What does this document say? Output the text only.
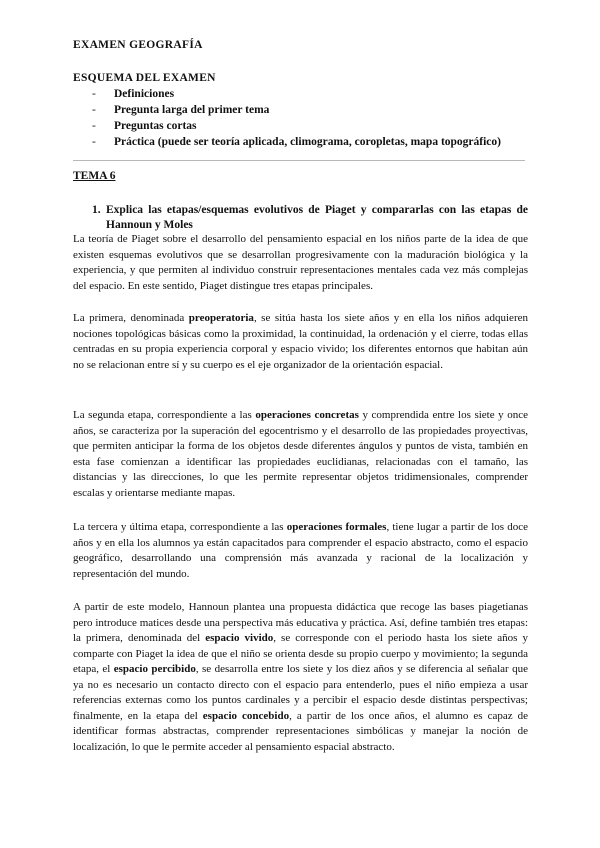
EXAMEN GEOGRAFÍA
ESQUEMA DEL EXAMEN
- Definiciones
- Pregunta larga del primer tema
- Preguntas cortas
- Práctica (puede ser teoría aplicada, climograma, coropletas, mapa topográfico)
TEMA 6

1. Explica las etapas/esquemas evolutivos de Piaget y compararlas con las etapas de Hannoun y Moles

La teoría de Piaget sobre el desarrollo del pensamiento espacial en los niños parte de la idea de que existen esquemas evolutivos que se desarrollan progresivamente con la maduración biológica y la experiencia, y que permiten al individuo construir representaciones mentales cada vez más complejas del espacio. En este sentido, Piaget distingue tres etapas principales.

La primera, denominada preoperatoria, se sitúa hasta los siete años y en ella los niños adquieren nociones topológicas básicas como la proximidad, la continuidad, la ordenación y el cierre, todas ellas centradas en su propia experiencia corporal y espacio vivido; los diferentes entornos que habitan aún no se relacionan entre sí y su cuerpo es el eje organizador de la orientación espacial.

La segunda etapa, correspondiente a las operaciones concretas y comprendida entre los siete y once años, se caracteriza por la superación del egocentrismo y el desarrollo de las propiedades proyectivas, que permiten anticipar la forma de los objetos desde diferentes ángulos y puntos de vista, también en esta fase comienzan a identificar las propiedades euclidianas, relacionadas con el tamaño, las distancias y las direcciones, lo que les permite representar objetos tridimensionales, comprender escalas y orientarse mediante mapas.

La tercera y última etapa, correspondiente a las operaciones formales, tiene lugar a partir de los doce años y en ella los alumnos ya están capacitados para comprender el espacio abstracto, como el espacio geográfico, desarrollando una comprensión más avanzada y racional de la localización y representación del mundo.

A partir de este modelo, Hannoun plantea una propuesta didáctica que recoge las bases piagetianas pero introduce matices desde una perspectiva más educativa y práctica. Así, define también tres etapas: la primera, denominada del espacio vivido, se corresponde con el periodo hasta los siete años y comparte con Piaget la idea de que el niño se orienta desde su propio cuerpo y movimiento; la segunda etapa, el espacio percibido, se desarrolla entre los siete y los diez años y se diferencia al señalar que ya no es necesario un contacto directo con el espacio para entenderlo, pues el niño empieza a usar referencias externas como los puntos cardinales y a percibir el espacio desde distintas perspectivas; finalmente, en la etapa del espacio concebido, a partir de los once años, el alumno es capaz de identificar formas abstractas, comprender representaciones simbólicas y manejar la noción de localización, lo que le permite acceder al pensamiento espacial abstracto.
